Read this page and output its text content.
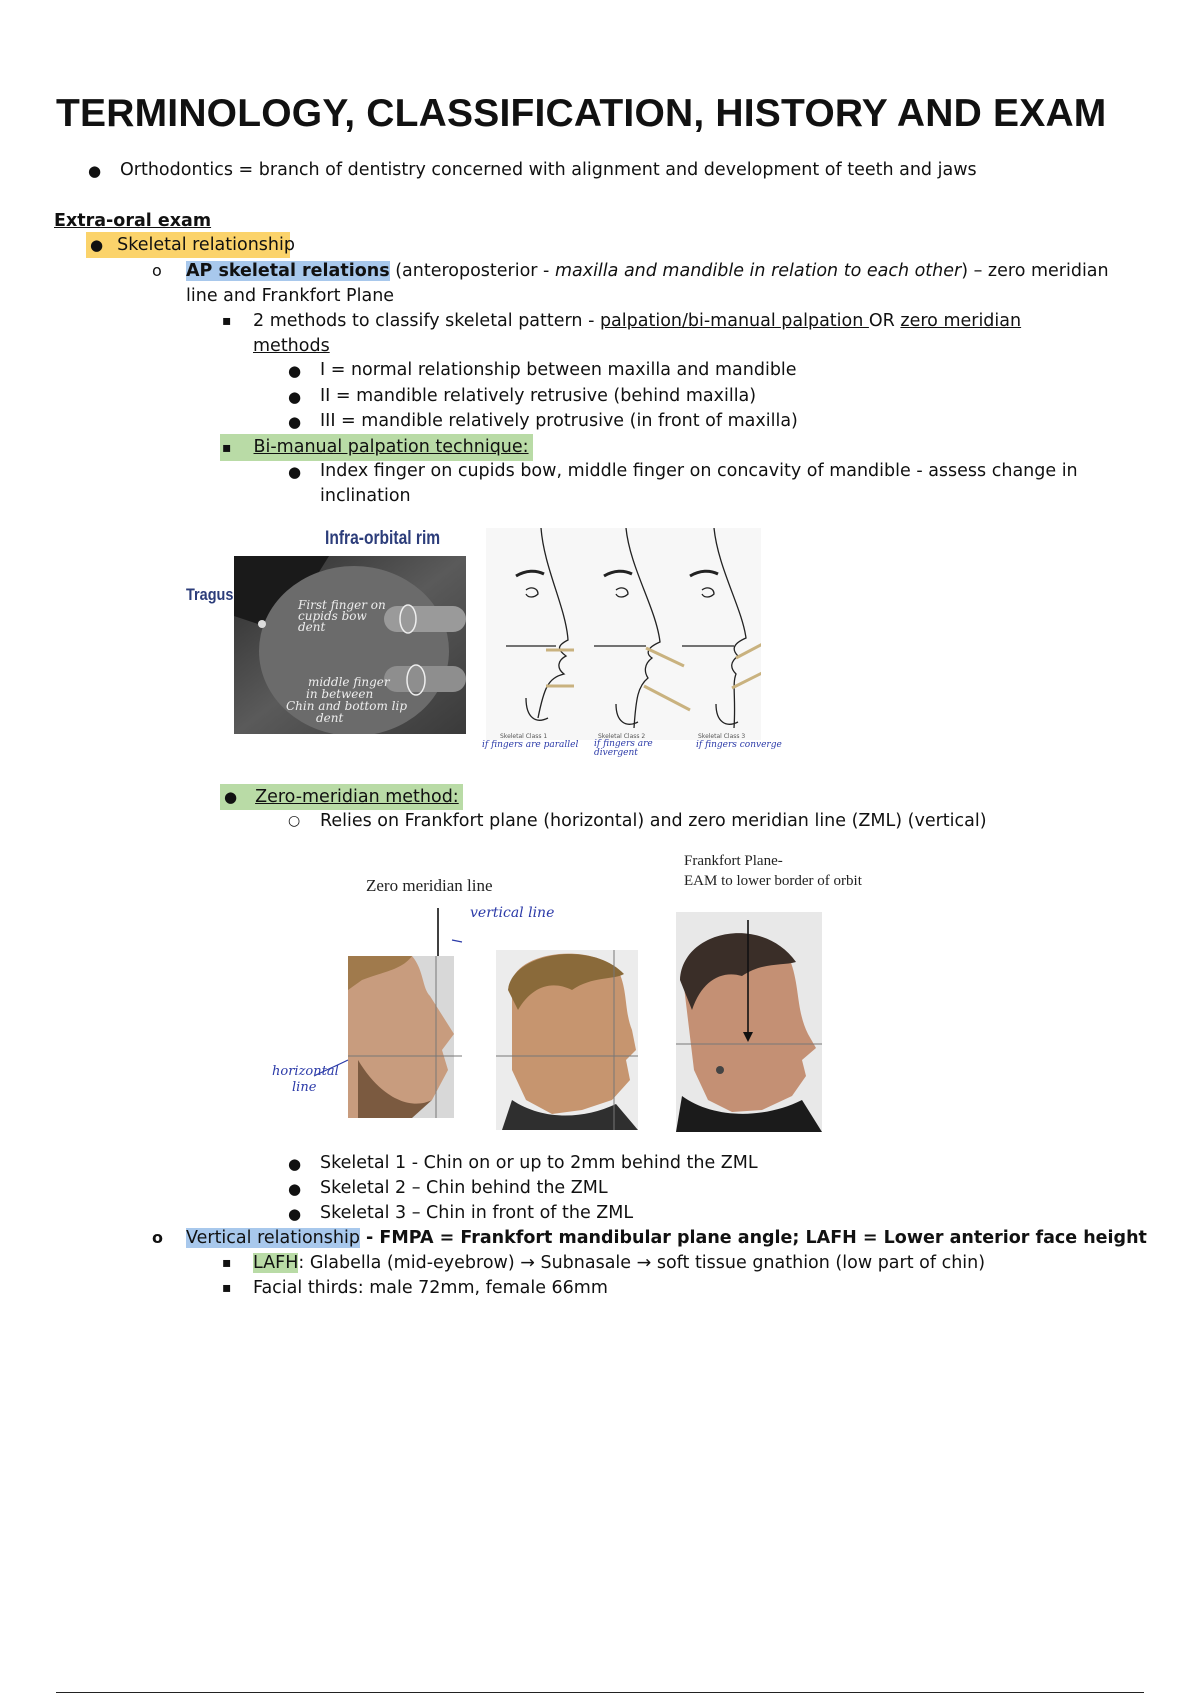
TERMINOLOGY, CLASSIFICATION, HISTORY AND EXAM
●
Orthodontics = branch of dentistry concerned with alignment and development of teeth and jaws
Extra-oral exam
● Skeletal relationship
o AP skeletal relations (anteroposterior - maxilla and mandible in relation to each other) – zero meridian
line and Frankfort Plane
▪ 2 methods to classify skeletal pattern - palpation/bi-manual palpation OR zero meridian
methods
●
I = normal relationship between maxilla and mandible
●
II = mandible relatively retrusive (behind maxilla)
●
III = mandible relatively protrusive (in front of maxilla)
▪ Bi-manual palpation technique:
●
Index finger on cupids bow, middle finger on concavity of mandible - assess change in
inclination
Infra-orbital rim
Tragus
First finger on
cupids bow
dent
middle finger
in between
Chin and bottom lip
dent
Skeletal Class 1	Skeletal Class 2	Skeletal Class 3
if fingers are parallel if fingers are divergent
if fingers converge
● Zero-meridian method:
○ Relies on Frankfort plane (horizontal) and zero meridian line (ZML) (vertical)
Zero meridian line
Frankfort Plane-
EAM to lower border of orbit
vertical line
horizontal
line
●
Skeletal 1 - Chin on or up to 2mm behind the ZML
●
Skeletal 2 – Chin behind the ZML
●
Skeletal 3 – Chin in front of the ZML
o Vertical relationship - FMPA = Frankfort mandibular plane angle; LAFH = Lower anterior face height
▪ LAFH: Glabella (mid-eyebrow) → Subnasale → soft tissue gnathion (low part of chin)
▪ Facial thirds: male 72mm, female 66mm
